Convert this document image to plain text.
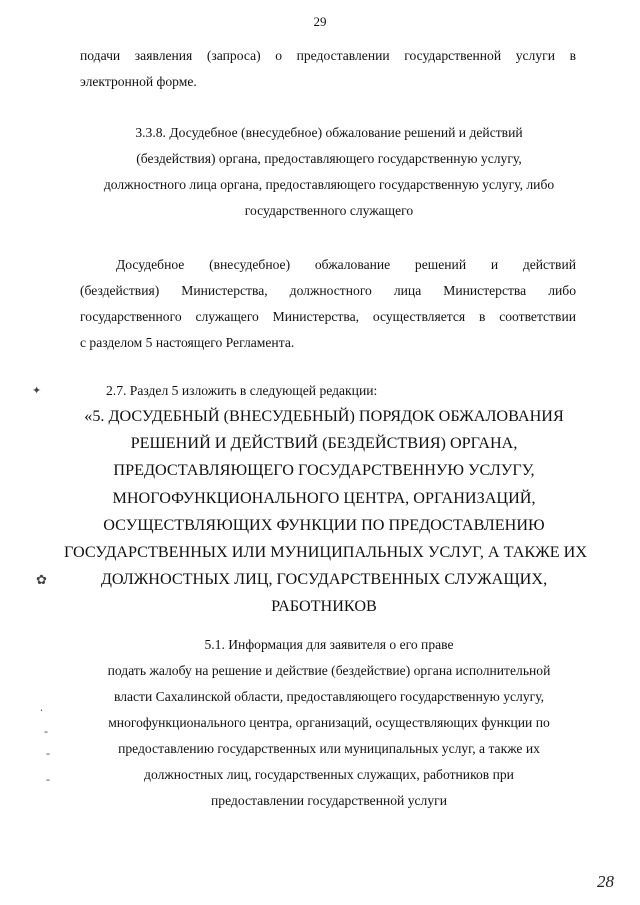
29
подачи заявления (запроса) о предоставлении государственной услуги в
электронной форме.
3.3.8. Досудебное (внесудебное) обжалование решений и действий
(бездействия) органа, предоставляющего государственную услугу,
должностного лица органа, предоставляющего государственную услугу, либо
государственного служащего
Досудебное (внесудебное) обжалование решений и действий
(бездействия) Министерства, должностного лица Министерства либо
государственного служащего Министерства, осуществляется в соответствии
с разделом 5 настоящего Регламента.
2.7. Раздел 5 изложить в следующей редакции:
«5. ДОСУДЕБНЫЙ (ВНЕСУДЕБНЫЙ) ПОРЯДОК ОБЖАЛОВАНИЯ
РЕШЕНИЙ И ДЕЙСТВИЙ (БЕЗДЕЙСТВИЯ) ОРГАНА,
ПРЕДОСТАВЛЯЮЩЕГО ГОСУДАРСТВЕННУЮ УСЛУГУ,
МНОГОФУНКЦИОНАЛЬНОГО ЦЕНТРА, ОРГАНИЗАЦИЙ,
ОСУЩЕСТВЛЯЮЩИХ ФУНКЦИИ ПО ПРЕДОСТАВЛЕНИЮ
ГОСУДАРСТВЕННЫХ ИЛИ МУНИЦИПАЛЬНЫХ УСЛУГ, А ТАКЖЕ ИХ
ДОЛЖНОСТНЫХ ЛИЦ, ГОСУДАРСТВЕННЫХ СЛУЖАЩИХ,
РАБОТНИКОВ
5.1. Информация для заявителя о его праве
подать жалобу на решение и действие (бездействие) органа исполнительной
власти Сахалинской области, предоставляющего государственную услугу,
многофункционального центра, организаций, осуществляющих функции по
предоставлению государственных или муниципальных услуг, а также их
должностных лиц, государственных служащих, работников при
предоставлении государственной услуги
✦
✿
.
-
-
-
28
